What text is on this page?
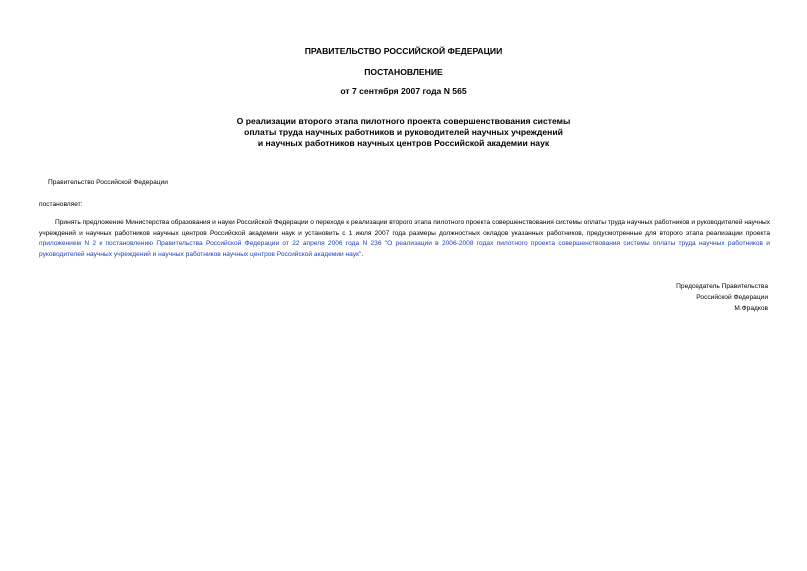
ПРАВИТЕЛЬСТВО РОССИЙСКОЙ ФЕДЕРАЦИИ
ПОСТАНОВЛЕНИЕ
от 7 сентября 2007 года N 565
О реализации второго этапа пилотного проекта совершенствования системы
оплаты труда научных работников и руководителей научных учреждений
и научных работников научных центров Российской академии наук
Правительство Российской Федерации
постановляет:
Принять предложение Министерства образования и науки Российской Федерации о переходе к реализации второго этапа пилотного проекта совершенствования системы оплаты труда научных работников и руководителей научных учреждений и научных работников научных центров Российской академии наук и установить с 1 июля 2007 года размеры должностных окладов указанных работников, предусмотренные для второго этапа реализации проекта приложением N 2 к постановлению Правительства Российской Федерации от 22 апреля 2006 года N 236 "О реализации в 2006-2008 годах пилотного проекта совершенствования системы оплаты труда научных работников и руководителей научных учреждений и научных работников научных центров Российской академии наук".
Председатель Правительства
Российской Федерации
М.Фрадков
